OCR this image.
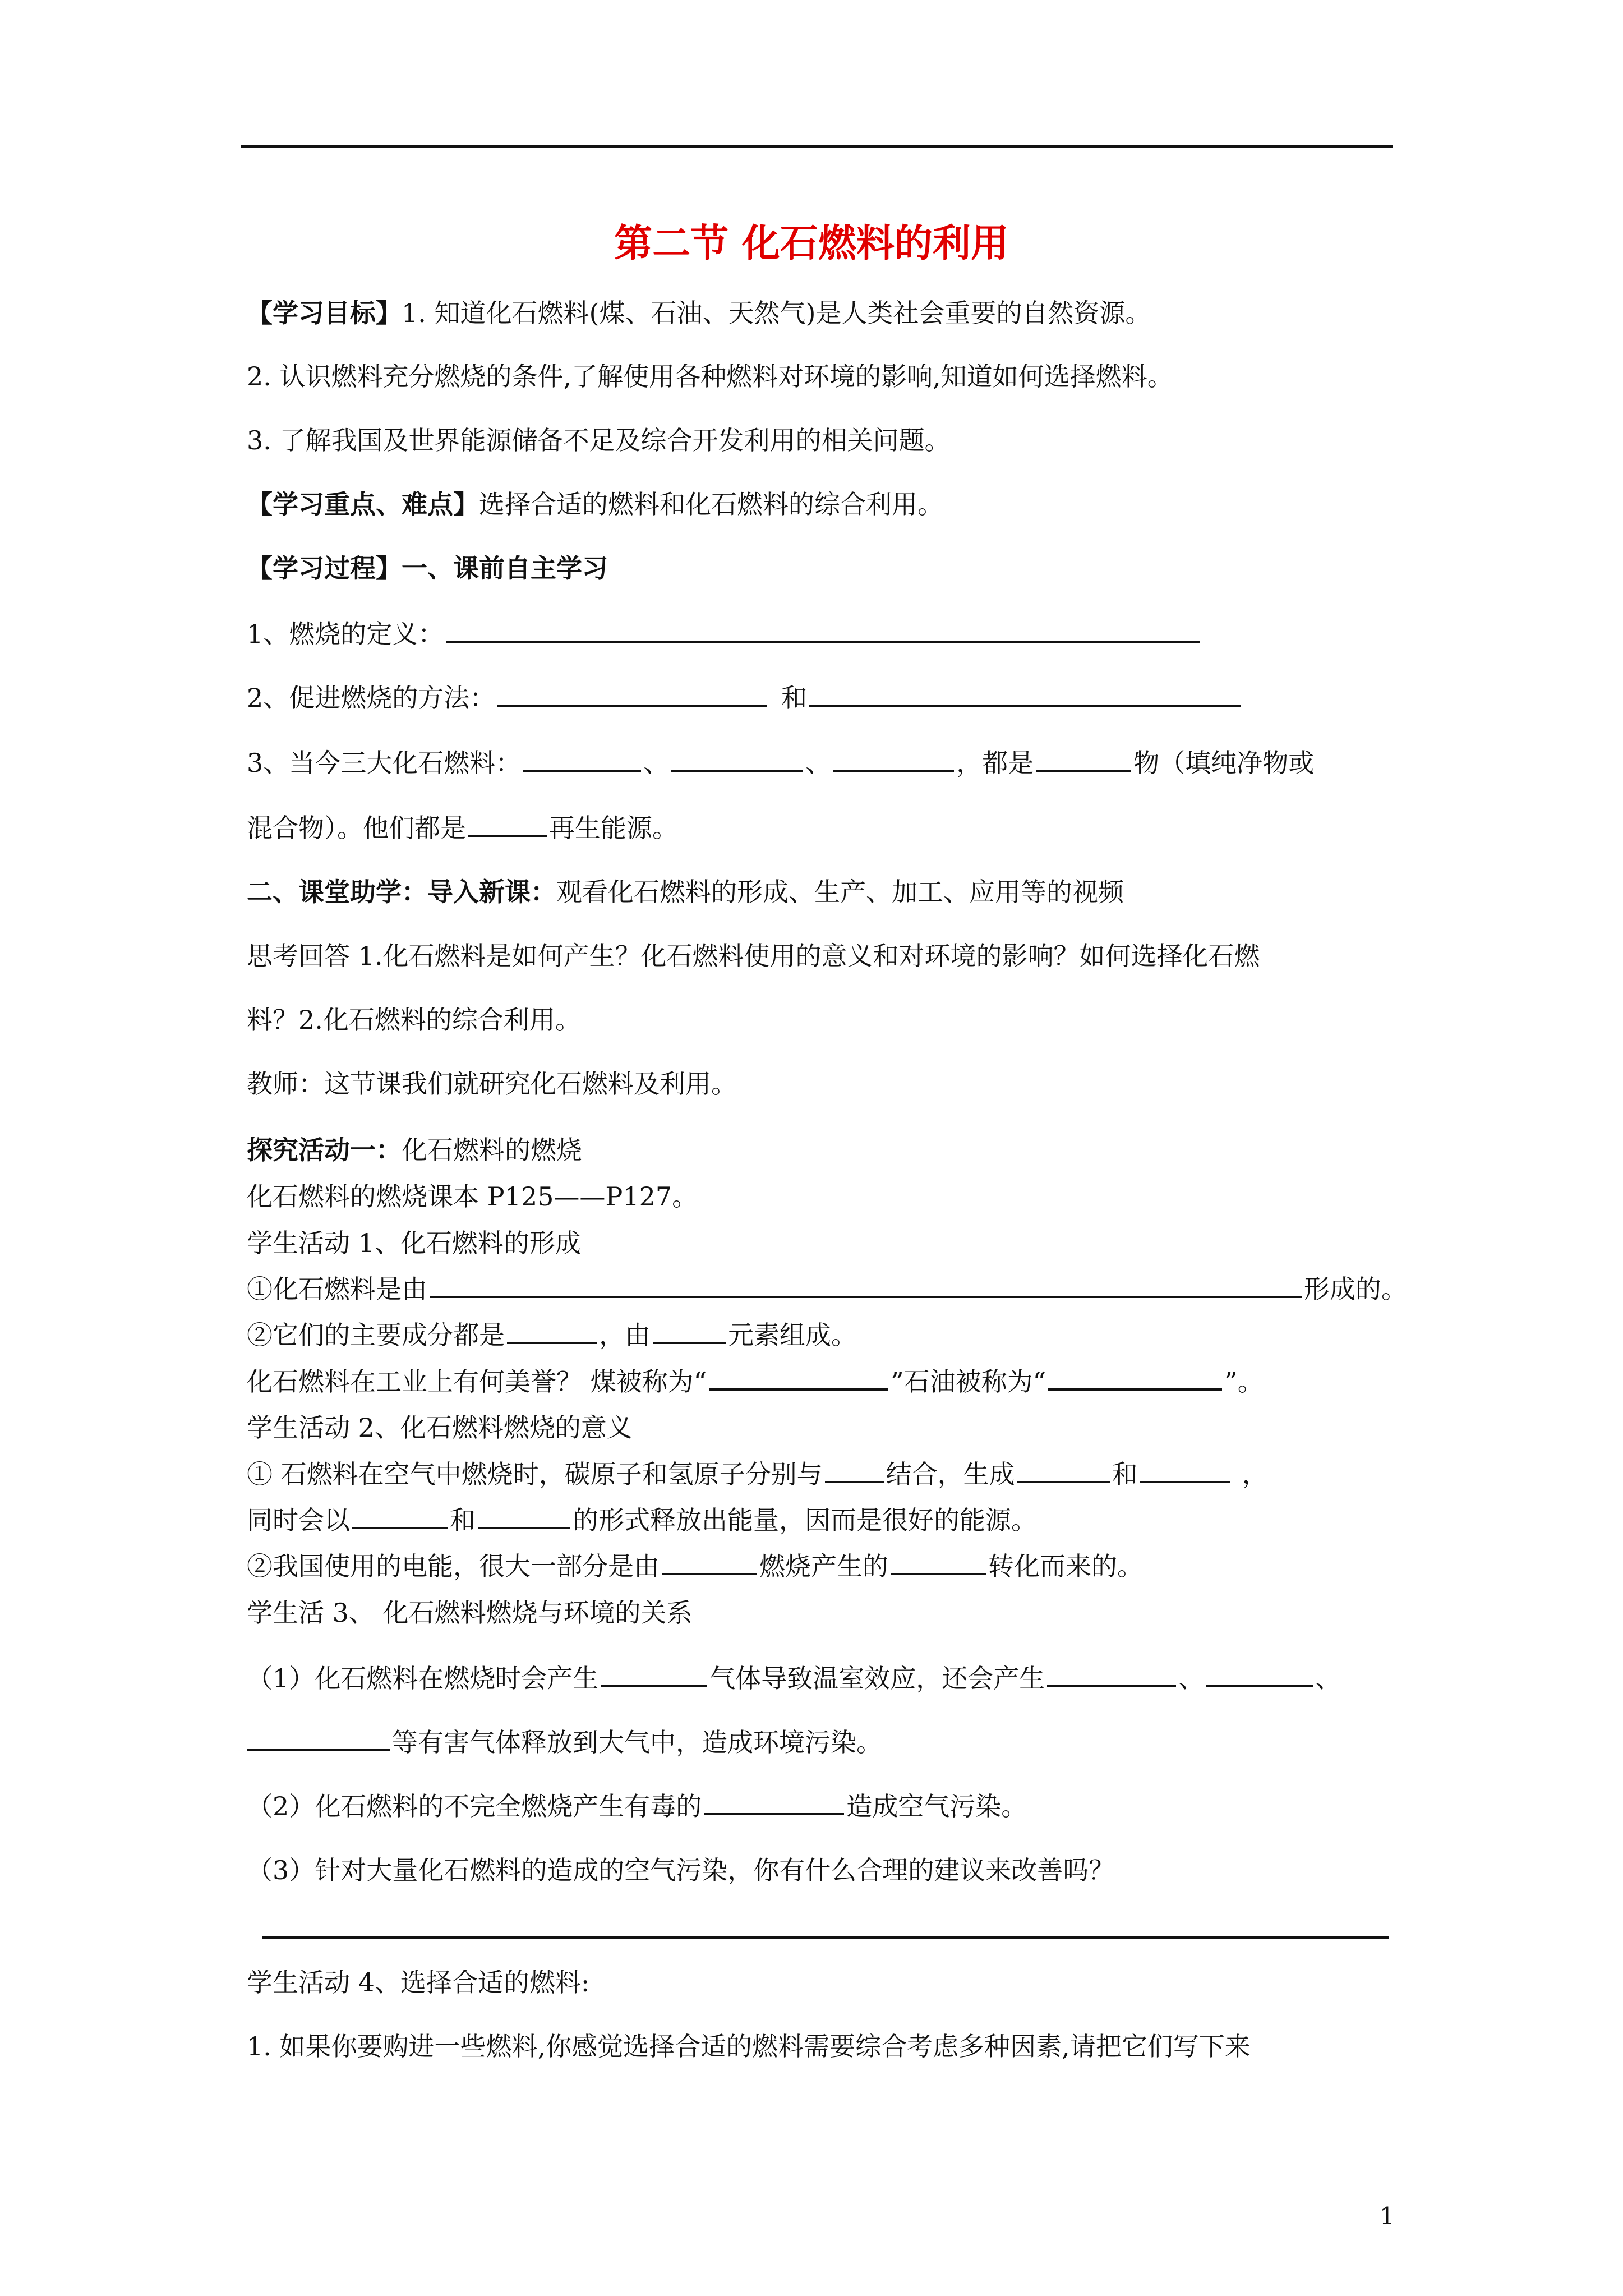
第二节 化石燃料的利用
【学习目标】1. 知道化石燃料(煤、石油、天然气)是人类社会重要的自然资源。
2. 认识燃料充分燃烧的条件,了解使用各种燃料对环境的影响,知道如何选择燃料。
3. 了解我国及世界能源储备不足及综合开发利用的相关问题。
【学习重点、难点】选择合适的燃料和化石燃料的综合利用。
【学习过程】一、课前自主学习
1、燃烧的定义：
2、促进燃烧的方法：	和
3、当今三大化石燃料：	、	、	，都是	物（填纯净物或
混合物）。他们都是	再生能源。
二、课堂助学：导入新课：观看化石燃料的形成、生产、加工、应用等的视频
思考回答 1.化石燃料是如何产生？化石燃料使用的意义和对环境的影响？如何选择化石燃
料？2.化石燃料的综合利用。
教师：这节课我们就研究化石燃料及利用。
探究活动一：化石燃料的燃烧
化石燃料的燃烧课本 P125——P127。
学生活动 1、化石燃料的形成
①化石燃料是由	形成的。
②它们的主要成分都是	，由	元素组成。
化石燃料在工业上有何美誉？ 煤被称为“	”石油被称为“	”。
学生活动 2、化石燃料燃烧的意义
① 石燃料在空气中燃烧时，碳原子和氢原子分别与 结合，生成	和	，
同时会以	和	的形式释放出能量，因而是很好的能源。
②我国使用的电能，很大一部分是由	燃烧产生的	转化而来的。
学生活 3、 化石燃料燃烧与环境的关系
（1）化石燃料在燃烧时会产生	气体导致温室效应，还会产生	、	、
等有害气体释放到大气中，造成环境污染。
（2）化石燃料的不完全燃烧产生有毒的	造成空气污染。
（3）针对大量化石燃料的造成的空气污染，你有什么合理的建议来改善吗？
学生活动 4、选择合适的燃料:
1. 如果你要购进一些燃料,你感觉选择合适的燃料需要综合考虑多种因素,请把它们写下来
1
